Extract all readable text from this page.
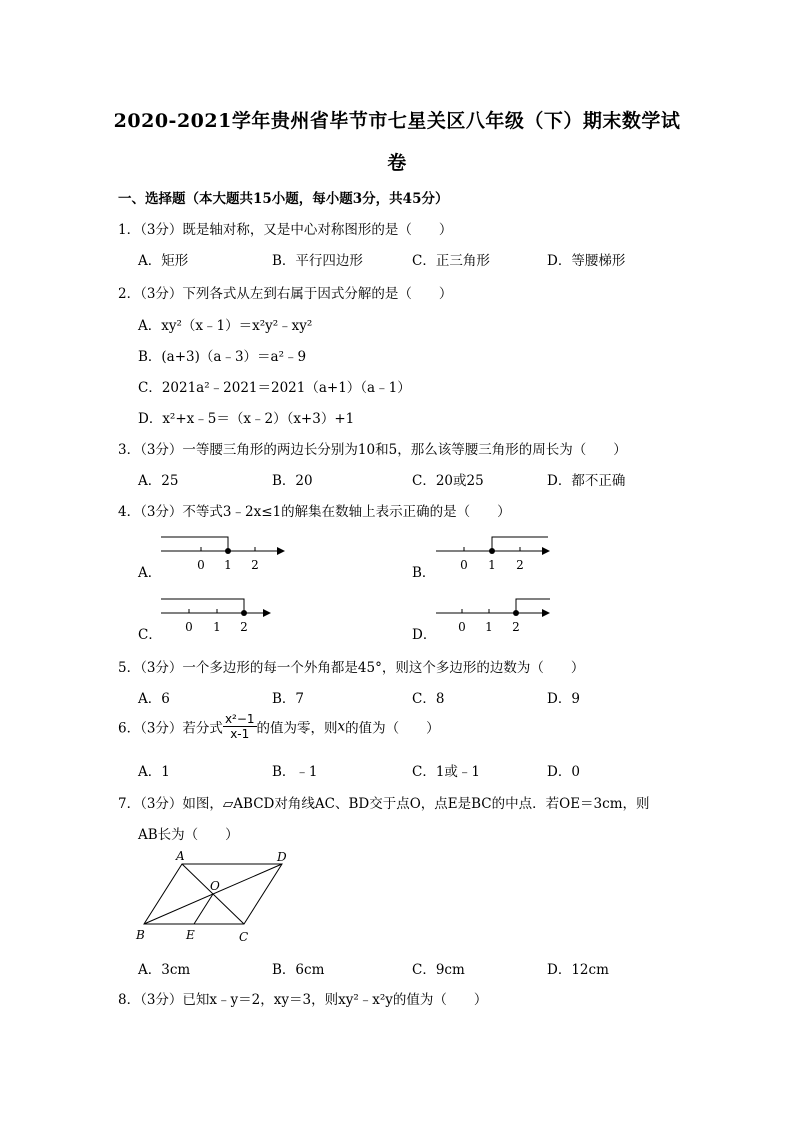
2020-2021学年贵州省毕节市七星关区八年级（下）期末数学试
卷
一、选择题（本大题共15小题，每小题3分，共45分）
1．（3分）既是轴对称，又是中心对称图形的是（　　）
A．矩形	B．平行四边形	C．正三角形	D．等腰梯形
2．（3分）下列各式从左到右属于因式分解的是（　　）
A．xy²（x﹣1）＝x²y²﹣xy²
B．(a+3)（a﹣3）＝a²﹣9
C．2021a²﹣2021＝2021（a+1）（a﹣1）
D．x²+x﹣5＝（x﹣2）（x+3）+1
3．（3分）一等腰三角形的两边长分别为10和5，那么该等腰三角形的周长为（　　）
A．25	B．20	C．20或25	D．都不正确
4．（3分）不等式3﹣2x≤1的解集在数轴上表示正确的是（　　）
A．	0 1 2	B． 0 1 2
C． 0 1 2	D． 0 1 2
5．（3分）一个多边形的每一个外角都是45°，则这个多边形的边数为（　　）
A．6	B．7	C．8	D．9
6．（3分）若分式 $\frac{\text{x²−1}}{x-1}$ 的值为零，则x的值为（　　）
A．1	B．﹣1	C．1或﹣1	D．0
7．（3分）如图，▱ABCD对角线AC、BD交于点O，点E是BC的中点．若OE＝3cm，则
AB长为（　　）
A	D
O
B	E	C
A．3cm	B．6cm	C．9cm	D．12cm
8．（3分）已知x﹣y＝2，xy＝3，则xy²﹣x²y的值为（　　）
